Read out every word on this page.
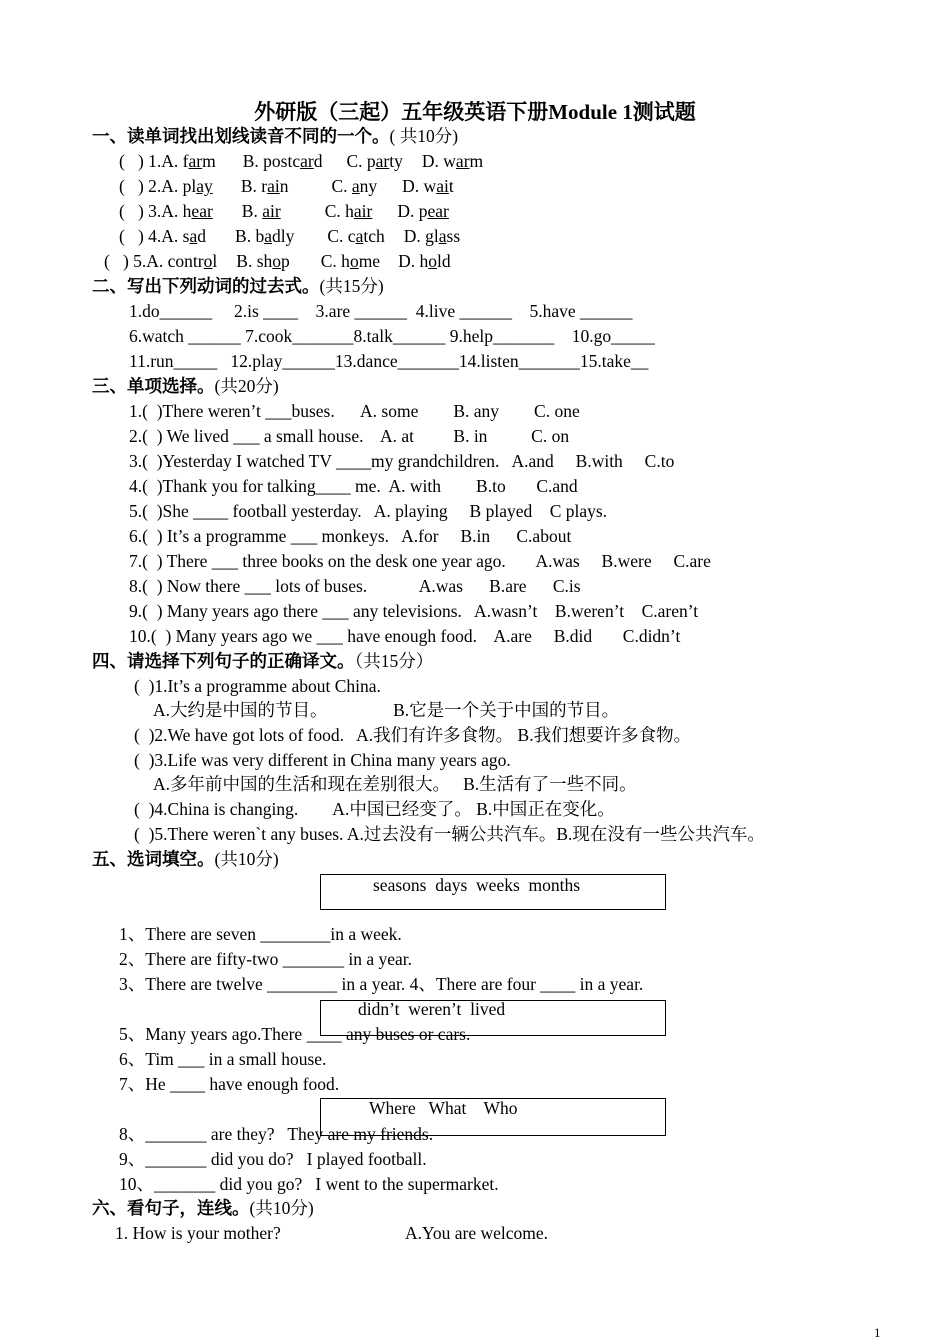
外研版（三起）五年级英语下册Module 1测试题
一、读单词找出划线读音不同的一个。( 共10分)
(   ) 1.A. farm B. postcard C. party D. warm
(   ) 2.A. play B. rain C. any D. wait
(   ) 3.A. hear B. air	C. hair D. pear
(   ) 4.A. sad B. badly C. catch D. glass
(   ) 5.A. control B. shop C. home D. hold
二、写出下列动词的过去式。(共15分)
1.do______     2.is ____    3.are ______  4.live ______    5.have ______
6.watch ______ 7.cook_______8.talk______ 9.help_______    10.go_____
11.run_____   12.play______13.dance_______14.listen_______15.take__
三、单项选择。(共20分)
1.(  )There weren’t ___buses.      A. some        B. any        C. one
2.(  ) We lived ___ a small house.    A. at         B. in          C. on
3.(  )Yesterday I watched TV ____my grandchildren.   A.and     B.with     C.to
4.(  )Thank you for talking____ me.  A. with        B.to       C.and
5.(  )She ____ football yesterday.   A. playing     B played    C plays.
6.(  ) It’s a programme ___ monkeys.   A.for     B.in      C.about
7.(  ) There ___ three books on the desk one year ago.       A.was     B.were     C.are
8.(  ) Now there ___ lots of buses.            A.was      B.are      C.is
9.(  ) Many years ago there ___ any televisions.   A.wasn’t    B.weren’t    C.aren’t
10.(  ) Many years ago we ___ have enough food.    A.are     B.did       C.didn’t
四、请选择下列句子的正确译文。（共15分）
(  )1.It’s a programme about China.
A.大约是中国的节目。               B.它是一个关于中国的节目。
(  )2.We have got lots of food.   A.我们有许多食物。 B.我们想要许多食物。
(  )3.Life was very different in China many years ago.
A.多年前中国的生活和现在差别很大。   B.生活有了一些不同。
(  )4.China is changing.        A.中国已经变了。 B.中国正在变化。
(  )5.There weren`t any buses. A.过去没有一辆公共汽车。B.现在没有一些公共汽车。
五、选词填空。(共10分)
seasons  days  weeks  months
1、There are seven ________in a week.
2、There are fifty-two _______ in a year.
3、There are twelve ________ in a year. 4、There are four ____ in a year.
didn’t  weren’t  lived
5、Many years ago.There ____ any buses or cars.
6、Tim ___ in a small house.
7、He ____ have enough food.
Where   What    Who
8、_______ are they?   They are my friends.
9、_______ did you do?   I played football.
10、_______ did you go?   I went to the supermarket.
六、看句子，连线。(共10分)
1. How is your mother?	A.You are welcome.
1
